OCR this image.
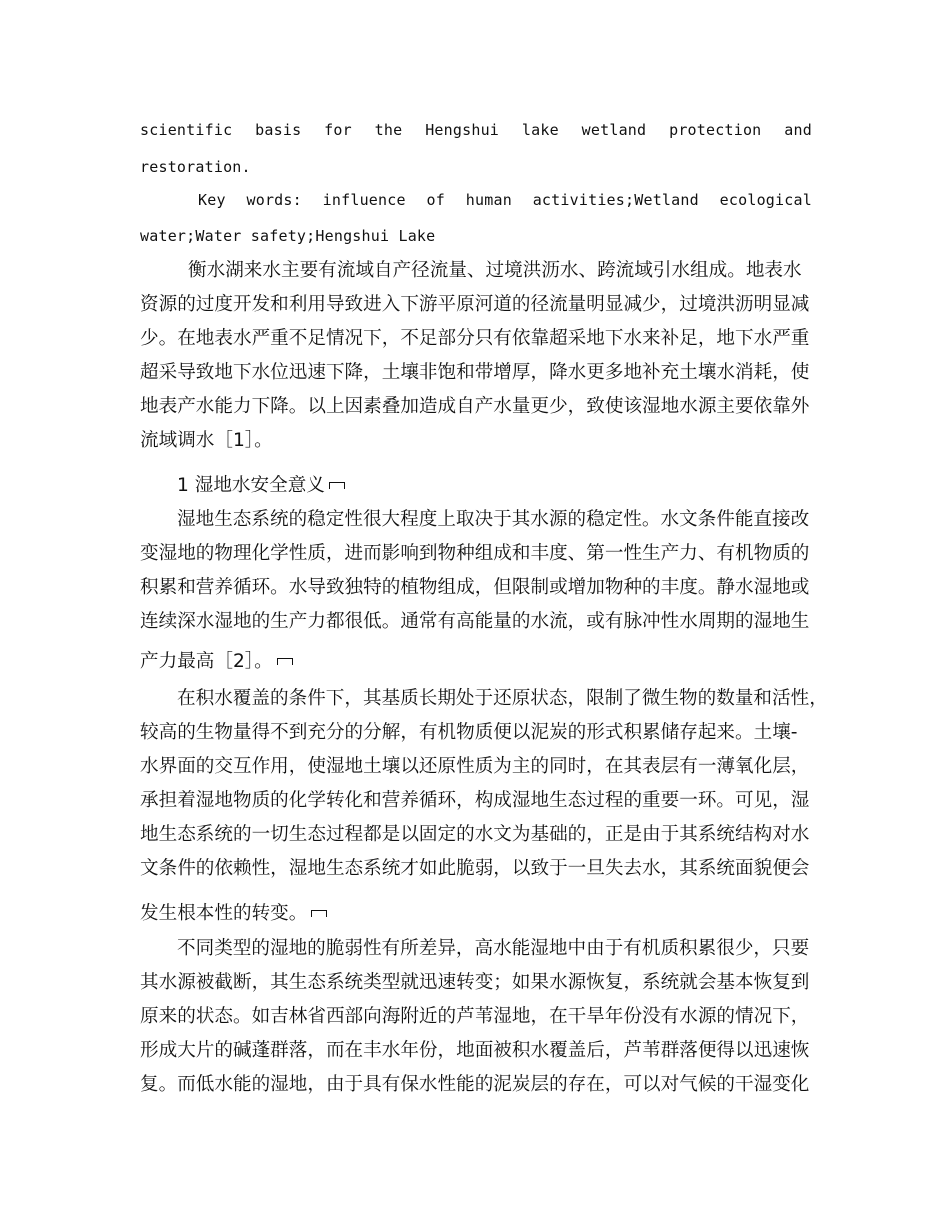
scientific basis for the Hengshui lake wetland protection and
restoration.
Key words: influence of human activities;Wetland ecological
water;Water safety;Hengshui Lake
衡水湖来水主要有流域自产径流量、过境洪沥水、跨流域引水组成。地表水
资源的过度开发和利用导致进入下游平原河道的径流量明显减少，过境洪沥明显减
少。在地表水严重不足情况下，不足部分只有依靠超采地下水来补足，地下水严重
超采导致地下水位迅速下降，土壤非饱和带增厚，降水更多地补充土壤水消耗，使
地表产水能力下降。以上因素叠加造成自产水量更少，致使该湿地水源主要依靠外
流域调水［1］。
1 湿地水安全意义
湿地生态系统的稳定性很大程度上取决于其水源的稳定性。水文条件能直接改
变湿地的物理化学性质，进而影响到物种组成和丰度、第一性生产力、有机物质的
积累和营养循环。水导致独特的植物组成，但限制或增加物种的丰度。静水湿地或
连续深水湿地的生产力都很低。通常有高能量的水流，或有脉冲性水周期的湿地生
产力最高［2］。
在积水覆盖的条件下，其基质长期处于还原状态，限制了微生物的数量和活性，
较高的生物量得不到充分的分解，有机物质便以泥炭的形式积累储存起来。土壤-
水界面的交互作用，使湿地土壤以还原性质为主的同时，在其表层有一薄氧化层，
承担着湿地物质的化学转化和营养循环，构成湿地生态过程的重要一环。可见，湿
地生态系统的一切生态过程都是以固定的水文为基础的，正是由于其系统结构对水
文条件的依赖性，湿地生态系统才如此脆弱，以致于一旦失去水，其系统面貌便会
发生根本性的转变。
不同类型的湿地的脆弱性有所差异，高水能湿地中由于有机质积累很少，只要
其水源被截断，其生态系统类型就迅速转变；如果水源恢复，系统就会基本恢复到
原来的状态。如吉林省西部向海附近的芦苇湿地，在干旱年份没有水源的情况下，
形成大片的碱蓬群落，而在丰水年份，地面被积水覆盖后，芦苇群落便得以迅速恢
复。而低水能的湿地，由于具有保水性能的泥炭层的存在，可以对气候的干湿变化
